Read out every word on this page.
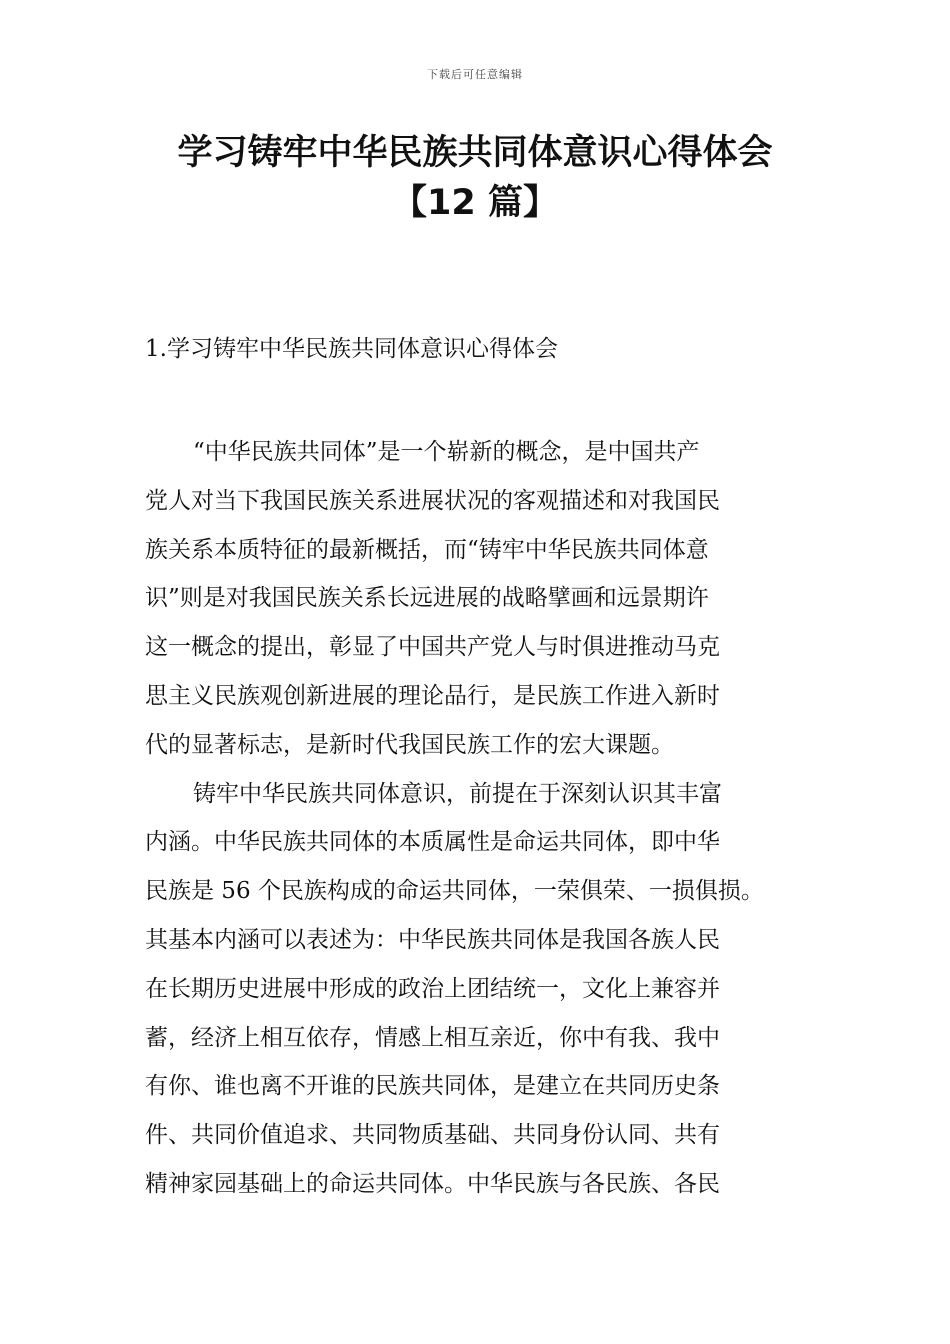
下载后可任意编辑
学习铸牢中华民族共同体意识心得体会
【12 篇】
1.学习铸牢中华民族共同体意识心得体会
“中华民族共同体”是一个崭新的概念，是中国共产
党人对当下我国民族关系进展状况的客观描述和对我国民
族关系本质特征的最新概括，而“铸牢中华民族共同体意
识”则是对我国民族关系长远进展的战略擘画和远景期许
这一概念的提出，彰显了中国共产党人与时俱进推动马克
思主义民族观创新进展的理论品行，是民族工作进入新时
代的显著标志，是新时代我国民族工作的宏大课题。
铸牢中华民族共同体意识，前提在于深刻认识其丰富
内涵。中华民族共同体的本质属性是命运共同体，即中华
民族是 56 个民族构成的命运共同体，一荣俱荣、一损俱损。
其基本内涵可以表述为：中华民族共同体是我国各族人民
在长期历史进展中形成的政治上团结统一，文化上兼容并
蓄，经济上相互依存，情感上相互亲近，你中有我、我中
有你、谁也离不开谁的民族共同体，是建立在共同历史条
件、共同价值追求、共同物质基础、共同身份认同、共有
精神家园基础上的命运共同体。中华民族与各民族、各民
